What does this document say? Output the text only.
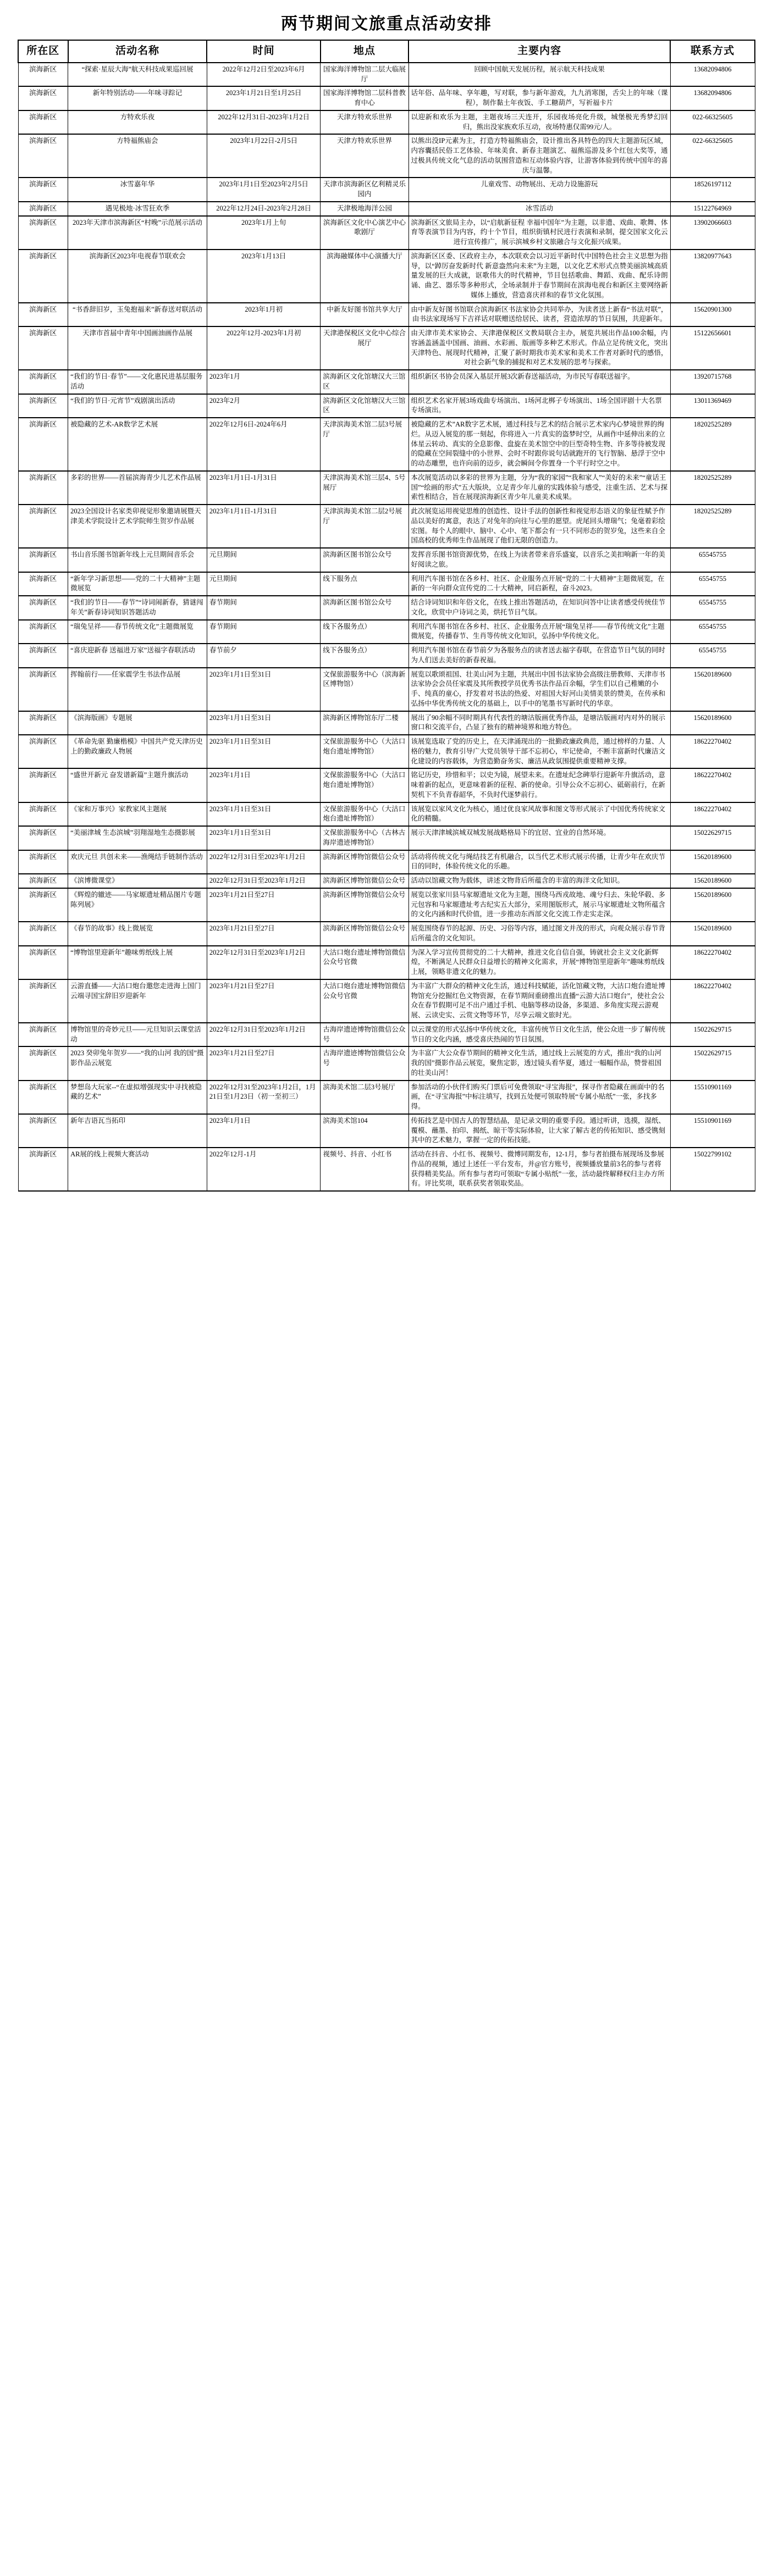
两节期间文旅重点活动安排
所在区	活动名称	时间	地点	主要内容	联系方式
滨海新区	“探索·星辰大海”航天科技成果巡回展	2022年12月2日至2023年6月	国家海洋博物馆二层大临展厅	回顾中国航天发展历程，展示航天科技成果	13682094806
滨海新区	新年特别活动——年味寻踪记	2023年1月21日至1月25日	国家海洋博物馆二层科普教育中心	话年俗、品年味、享年趣，写对联，参与新年游戏，九九消寒图，舌尖上的年味（课程），制作黏土年夜饭、手工糖葫芦，写祈福卡片	13682094806
滨海新区	方特欢乐夜	2022年12月31日-2023年1月2日	天津方特欢乐世界	以迎新和欢乐为主题，主题夜场三天连开，乐园夜场亮化升级，城堡极光秀梦幻回归，熊出没家族欢乐互动，夜场特惠仅需99元/人。	022-66325605
滨海新区	方特福熊庙会	2023年1月22日-2月5日	天津方特欢乐世界	以熊出没IP元素为主，打造方特福熊庙会，设计推出各具特色的四大主题游玩区域，内容囊括民俗工艺体验、年味美食、新春主题演艺、福熊巡游及多个红包大奖等，通过极具传统文化气息的活动氛围营造和互动体验内容，让游客体验到传统中国年的喜庆与温馨。	022-66325605
滨海新区	冰雪嘉年华	2023年1月1日至2023年2月5日	天津市滨海新区亿利精灵乐园内	儿童戏雪、动物展出、无动力设施游玩	18526197112
滨海新区	遇见极地·冰雪狂欢季	2022年12月24日-2023年2月28日	天津极地海洋公园	冰雪活动	15122764969
滨海新区	2023年天津市滨海新区“村晚”示范展示活动	2023年1月上旬	滨海新区文化中心演艺中心歌剧厅	滨海新区文旅局主办，以“启航新征程 幸福中国年”为主题，以非遗、戏曲、歌舞、体育等表演节目为内容，约十个节目，组织街镇村民进行表演和录制，提交国家文化云进行宣传推广，展示滨城乡村文旅融合与文化振兴成果。	13902066603
滨海新区	滨海新区2023年电视春节联欢会	2023年1月13日	滨海融媒体中心演播大厅	滨海新区区委、区政府主办，本次联欢会以习近平新时代中国特色社会主义思想为指导，以“踔厉奋发新时代 新意盎然向未来”为主题，以文化艺术形式点赞美丽滨城高质量发展的巨大成就，讴歌伟大的时代精神，节目包括歌曲、舞蹈、戏曲、配乐诗朗诵、曲艺、器乐等多种形式，全场录制并于春节期间在滨海电视台和新区主要网络新媒体上播放，营造喜庆祥和的春节文化氛围。	13820977643
滨海新区	“书香辞旧岁，玉兔抱福来”新春送对联活动	2023年1月初	中新友好图书馆共享大厅	由中新友好图书馆联合滨海新区书法家协会共同举办，为读者送上新春“书法对联”，由书法家现场写下吉祥话对联赠送给居民、读者，营造浓厚的节日氛围，共迎新年。	15620901300
滨海新区	天津市首届中青年中国画油画作品展	2022年12月-2023年1月初	天津港保税区文化中心综合展厅	由天津市美术家协会、天津港保税区文教局联合主办，展览共展出作品100余幅，内容涵盖涵盖中国画、油画、水彩画、版画等多种艺术形式。作品立足传统文化，突出天津特色、展现时代精神，汇聚了新时期我市美术家和美术工作者对新时代的感悟，对社会新气象的捕捉和对艺术发展的思考与探索。	15122656601
滨海新区	“我们的节日·春节”——文化惠民进基层服务活动	2023年1月	滨海新区文化馆塘汉大三馆区	组织新区书协会员深入基层开展3次新春送福活动，为市民写春联送福字。	13920715768
滨海新区	“我们的节日·元宵节”戏剧演出活动	2023年2月	滨海新区文化馆塘汉大三馆区	组织艺术名家开展3场戏曲专场演出、1场河北梆子专场演出、1场全国评剧十大名票专场演出。	13011369469
滨海新区	被隐藏的艺术-AR数学艺术展	2022年12月6日-2024年6月	天津滨海美术馆二层3号展厅	被隐藏的艺术”AR数字艺术展，通过科技与艺术的结合展示艺术家内心梦境世界的绚烂。从迈入展览的那一刻起，你将进入一片真实的盗梦时空，从画作中延伸出来的立体星云转动、真实的全息影像、盘旋在美术馆空中的巨型奇特生物、许多等待被发现的隐藏在空间裂缝中的小世界、会时不时跟你说句话就跑开的飞行智脑、悬浮于空中的动态雕塑，也许向前的迈步，就会瞬间令你置身一个平行时空之中。	18202525289
滨海新区	多彩的世界——首届滨海青少儿艺术作品展	2023年1月1日-1月31日	天津滨海美术馆三层4、5号展厅	本次展览活动以多彩的世界为主题，分为“我的家园”“我和家人”“美好的未来”“童话王国”“绘画的形式”五大版块，立足青少年儿童的实践体验与感受，注重生活、艺术与探索性相结合，旨在展现滨海新区青少年儿童美术成果。	18202525289
滨海新区	2023全国设计名家类卯视觉形象邀请展暨天津美术学院设计艺术学院师生贺岁作品展	2023年1月1日-1月31日	天津滨海美术馆二层2号展厅	此次展览运用视觉思维的创造性、设计手法的创新性和视觉形态语义的象征性赋予作品以美好的寓意，表达了对兔年的向往与心里的愿望。虎尾回头增瑞气；兔毫着彩绘宏图。每个人的眼中、脑中、心中、笔下都会有一只不同形态的贺岁兔，这些来自全国高校的优秀师生作品展现了他们无限的创造力。	18202525289
滨海新区	书山音乐图书馆新年线上元旦期间音乐会	元旦期间	滨海新区图书馆公众号	发挥音乐图书馆资源优势，在线上为读者带来音乐盛宴，以音乐之美扣响新一年的美好阅读之旅。	65545755
滨海新区	“新年学习新思想——党的二十大精神”主题微展览	元旦期间	线下服务点	利用汽车图书馆在各乡村、社区、企业服务点开展“党的二十大精神”主题微展览，在新的一年向群众宣传党的二十大精神，同启新程，奋斗2023。	65545755
滨海新区	“我们的节日——春节”“诗词闹新春，猜谜闯年关”新春诗词知识答题活动	春节期间	滨海新区图书馆公众号	结合诗词知识和年俗文化，在线上推出答题活动，在知识问答中让读者感受传统佳节文化，欣赏中户诗词之美，烘托节日气氛。	65545755
滨海新区	“瑞兔呈祥——春节传统文化”主题微展览	春节期间	线下各服务点）	利用汽车图书馆在各乡村、社区、企业服务点开展“瑞兔呈祥——春节传统文化”主题微展览，传播春节、生肖等传统文化知识，弘扬中华传统文化。	65545755
滨海新区	“喜庆迎新春 送福进万家”送福字春联活动	春节前夕	线下各服务点）	利用汽车图书馆在春节前夕为各服务点的读者送去福字春联，在营造节日气氛的同时为人们送去美好的新春祝福。	65545755
滨海新区	挥翰前行——任家震学生书法作品展	2023年1月1日至31日	文保旅游服务中心（滨海新区博物馆）	展览以歌颂祖国、壮美山河为主题，共展出中国书法家协会高级注册教师、天津市书法家协会会员任家震及其所教授学员优秀书法作品百余幅，学生们以自己稚嫩的小手、纯真的童心，抒发着对书法的热爱、对祖国大好河山美情美景的赞美，在传承和弘扬中华优秀传统文化的基础上，以手中的笔墨书写新时代的华章。	15620189600
滨海新区	《滨海版画》专题展	2023年1月1日至31日	滨海新区博物馆东厅二楼	展出了90余幅不同时期具有代表性的塘沽版画优秀作品，是塘沽版画对内对外的展示窗口和交流平台，凸显了独有的精神境界和地方特色。	15620189600
滨海新区	《革命先驱 勤廉楷模》中国共产党天津历史上的勤政廉政人物展	2023年1月1日至31日	文保旅游服务中心（大沽口炮台遗址博物馆）	该展览选取了党的历史上，在天津涌现出的一批勤政廉政典范，通过榜样的力量、人格的魅力，教育引导广大党员领导干部不忘初心，牢记使命，不断丰富新时代廉洁文化建设的内容载体，为营造勤奋务实、廉洁从政氛围提供重要精神支撑。	18622270402
滨海新区	“盛世开新元 奋发谱新篇”主题升旗活动	2023年1月1日	文保旅游服务中心（大沽口炮台遗址博物馆）	铭记历史，珍惜和平；以史为镜，展望未来。在遗址纪念碑举行迎新年升旗活动，意味着新的起点，更意味着新的征程、新的使命。引导公众不忘初心、砥砺前行，在新契机下不负青春韶华，不负时代逐梦前行。	18622270402
滨海新区	《家和万事兴》家教家风主题展	2023年1月1日至31日	文保旅游服务中心（大沽口炮台遗址博物馆）	该展览以家风文化为核心，通过优良家风故事和图文等形式展示了中国优秀传统家文化的精髓。	18622270402
滨海新区	“美丽津城 生态滨城”羽翔湿地生态摄影展	2023年1月1日至31日	文保旅游服务中心（古林古海岸遗迹博物馆）	展示天津津城滨城双城发展战略格局下的宜居、宜业的自然环境。	15022629715
滨海新区	欢庆元旦 共创未来——渔绳结手链制作活动	2022年12月31日至2023年1月2日	滨海新区博物馆微信公众号	活动将传统文化与绳结技艺有机融合，以当代艺术形式展示传播，让青少年在欢庆节日的同时，体验传统文化的乐趣。	15620189600
滨海新区	《滨博微课堂》	2022年12月31日至2023年1月2日	滨海新区博物馆微信公众号	活动以馆藏文物为载体，讲述文物背后所蕴含的丰富的海洋文化知识。	15620189600
滨海新区	《辉煌的辙迹——马家塬遗址精品图片专题陈列展》	2023年1月21日至27日	滨海新区博物馆微信公众号	展览以张家川县马家塬遗址文化为主题，围绕马西戎故地、魂兮归去、朱轮华毂、多元包容和马家塬遗址考古纪实五大部分，采用图版形式，展示马家塬遗址文物所蕴含的文化内涵和时代价值，进一步推动东西部文化交流工作走实走深。	15620189600
滨海新区	《春节的故事》线上微展览	2023年1月21日至27日	滨海新区博物馆微信公众号	展览围绕春节的起源、历史、习俗等内容，通过图文并茂的形式，向观众展示春节背后所蕴含的文化知识。	15620189600
滨海新区	“博物馆里迎新年”趣味剪纸线上展	2022年12月31日至2023年1月2日	大沽口炮台遗址博物馆微信公众号官微	为深入学习宣传贯彻党的二十大精神，推进文化自信自强，铸就社会主义文化新辉煌，不断满足人民群众日益增长的精神文化需求，开展“博物馆里迎新年”趣味剪纸线上展，领略非遗文化的魅力。	18622270402
滨海新区	云游直播——大沽口炮台邀您走进海上国门 云端寻国宝辞旧岁迎新年	2023年1月21日至27日	大沽口炮台遗址博物馆微信公众号官微	为丰富广大群众的精神文化生活，通过科技赋能，活化馆藏文物，大沽口炮台遗址博物馆充分挖掘红色文物资源，在春节期间重磅推出直播“云游大沽口炮台”，使社会公众在春节假期可足不出户通过手机、电脑等移动设备，多渠道、多角度实现云游观展、云读史实、云赏文物等环节，尽享云端文旅时光。	18622270402
滨海新区	博物馆里的奇妙元旦——元旦知识云课堂活动	2022年12月31日至2023年1月2日	古海岸遗迹博物馆微信公众号	以云课堂的形式弘扬中华传统文化，丰富传统节日文化生活，使公众进一步了解传统节日的文化内涵，感受喜庆热闹的节日氛围。	15022629715
滨海新区	2023 癸卯兔年贺岁——“我的山河 我的国”摄影作品云展览	2023年1月21日至27日	古海岸遗迹博物馆微信公众号	为丰富广大公众春节期间的精神文化生活，通过线上云展览的方式，推出“我的山河 我的国”摄影作品云展览，聚焦定影，透过镜头看华夏，通过一幅幅作品，赞誉祖国的壮美山河！	15022629715
滨海新区	梦想岛大玩家--“在虚拟增强现实中寻找被隐藏的艺术”	2022年12月31至2023年1月2日，1月21日至1月23日（初一至初三）	滨海美术馆二层3号展厅	参加活动的小伙伴们购买门票后可免费领取“寻宝海报”，探寻作者隐藏在画面中的名画，在“寻宝海报”中标注填写，找到五处便可领取特展“专属小贴纸”一张，多找多得。	15510901169
滨海新区	新年吉语瓦当拓印	2023年1月1日	滨海美术馆104	传拓技艺是中国古人的智慧结晶，是记录文明的重要手段。通过听讲，选摸，湿纸、覆模、蘸墨、拍印、揭纸、晾干等实际体验，让大家了解古老的传拓知识、感受镌刻其中的艺术魅力，掌握一定的传拓技能。	15510901169
滨海新区	AR展的线上视频大赛活动	2022年12月-1月	视频号、抖音、小红书	活动在抖音、小红书、视频号、微博同期发布，12-1月，参与者拍摄布展现场及参展作品的视频，通过上述任一平台发布，并@官方账号，视频播放量前3名的参与者将获得精美奖品。所有参与者均可领取“专属小贴纸”一张，活动最终解释权归主办方所有。评比奖项，联系获奖者领取奖品。	15022799102
